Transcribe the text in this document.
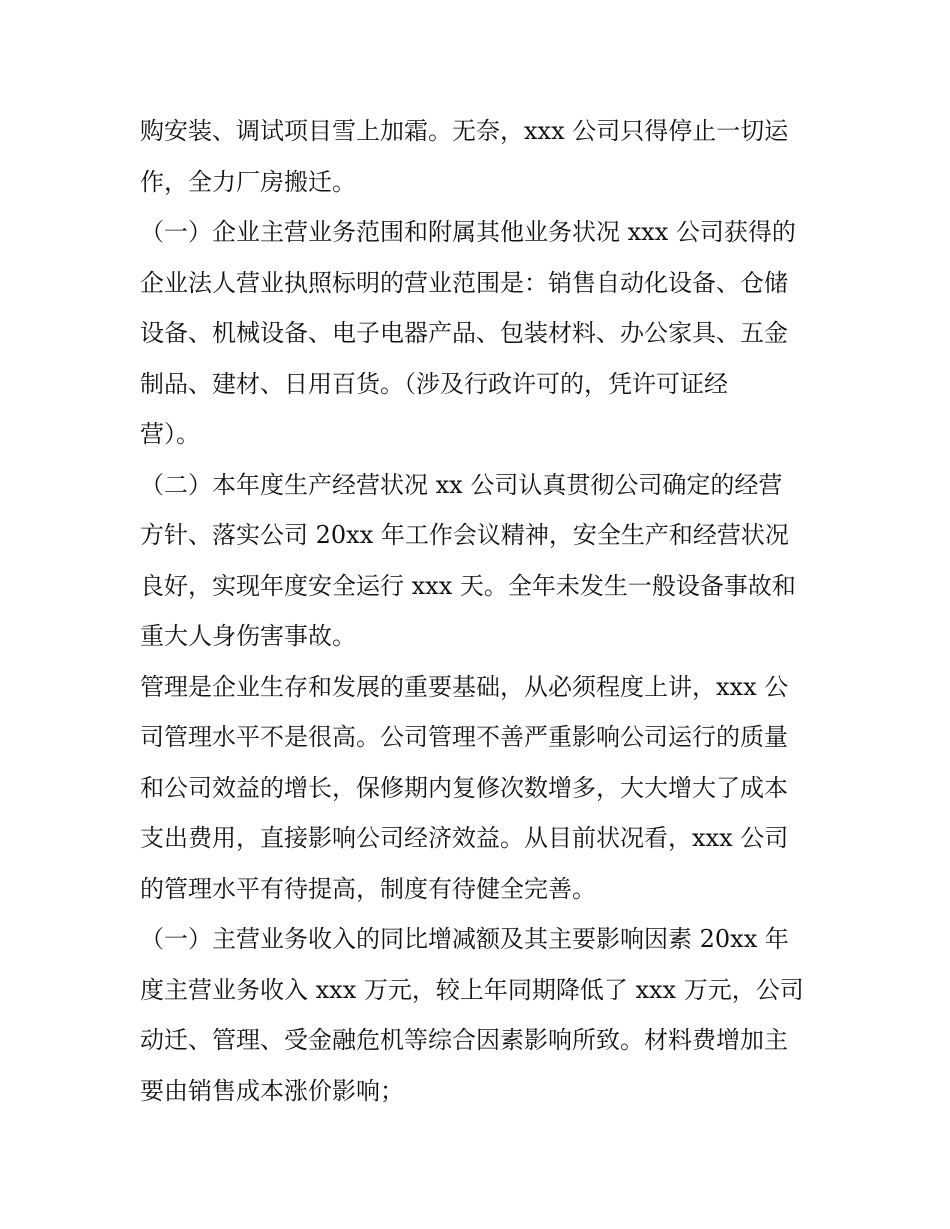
购安装、调试项目雪上加霜。无奈，xxx 公司只得停止一切运
作，全力厂房搬迁。
（一）企业主营业务范围和附属其他业务状况 xxx 公司获得的
企业法人营业执照标明的营业范围是：销售自动化设备、仓储
设备、机械设备、电子电器产品、包装材料、办公家具、五金
制品、建材、日用百货。（涉及行政许可的，凭许可证经
营）。
（二）本年度生产经营状况 xx 公司认真贯彻公司确定的经营
方针、落实公司 20xx 年工作会议精神，安全生产和经营状况
良好，实现年度安全运行 xxx 天。全年未发生一般设备事故和
重大人身伤害事故。
管理是企业生存和发展的重要基础，从必须程度上讲，xxx 公
司管理水平不是很高。公司管理不善严重影响公司运行的质量
和公司效益的增长，保修期内复修次数增多，大大增大了成本
支出费用，直接影响公司经济效益。从目前状况看，xxx 公司
的管理水平有待提高，制度有待健全完善。
（一）主营业务收入的同比增减额及其主要影响因素 20xx 年
度主营业务收入 xxx 万元，较上年同期降低了 xxx 万元，公司
动迁、管理、受金融危机等综合因素影响所致。材料费增加主
要由销售成本涨价影响；
